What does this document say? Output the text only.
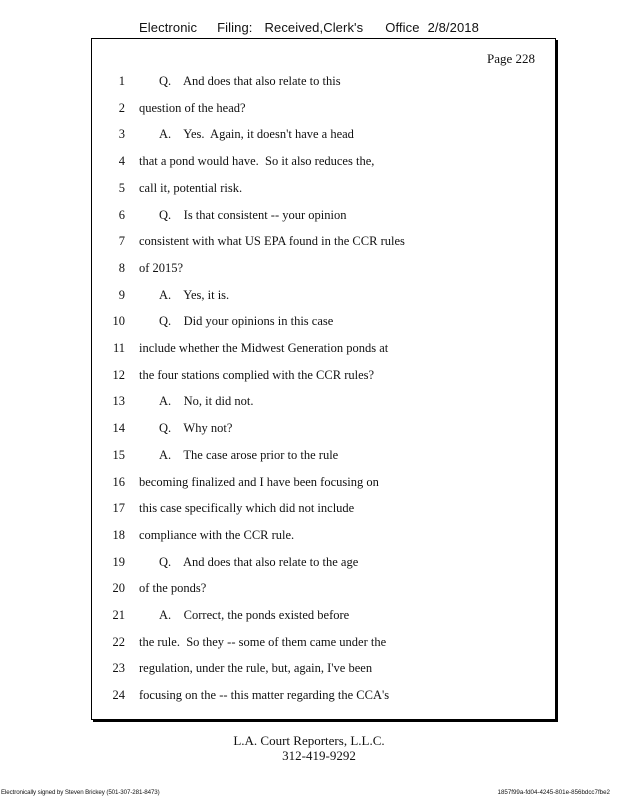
Electronic Filing: Received,Clerk's Office 2/8/2018
Page 228
1	Q.    And does that also relate to this
2 question of the head?
3	A.    Yes.  Again, it doesn't have a head
4 that a pond would have.  So it also reduces the,
5 call it, potential risk.
6	Q.    Is that consistent -- your opinion
7 consistent with what US EPA found in the CCR rules
8 of 2015?
9	A.    Yes, it is.
10	Q.    Did your opinions in this case
11 include whether the Midwest Generation ponds at
12 the four stations complied with the CCR rules?
13	A.    No, it did not.
14	Q.    Why not?
15	A.    The case arose prior to the rule
16 becoming finalized and I have been focusing on
17 this case specifically which did not include
18 compliance with the CCR rule.
19	Q.    And does that also relate to the age
20 of the ponds?
21	A.    Correct, the ponds existed before
22 the rule.  So they -- some of them came under the
23 regulation, under the rule, but, again, I've been
24 focusing on the -- this matter regarding the CCA's
L.A. Court Reporters, L.L.C.
312-419-9292
Electronically signed by Steven Brickey (501-307-281-8473)	1857f99a-fd04-4245-801e-856bdcc7fbe2
